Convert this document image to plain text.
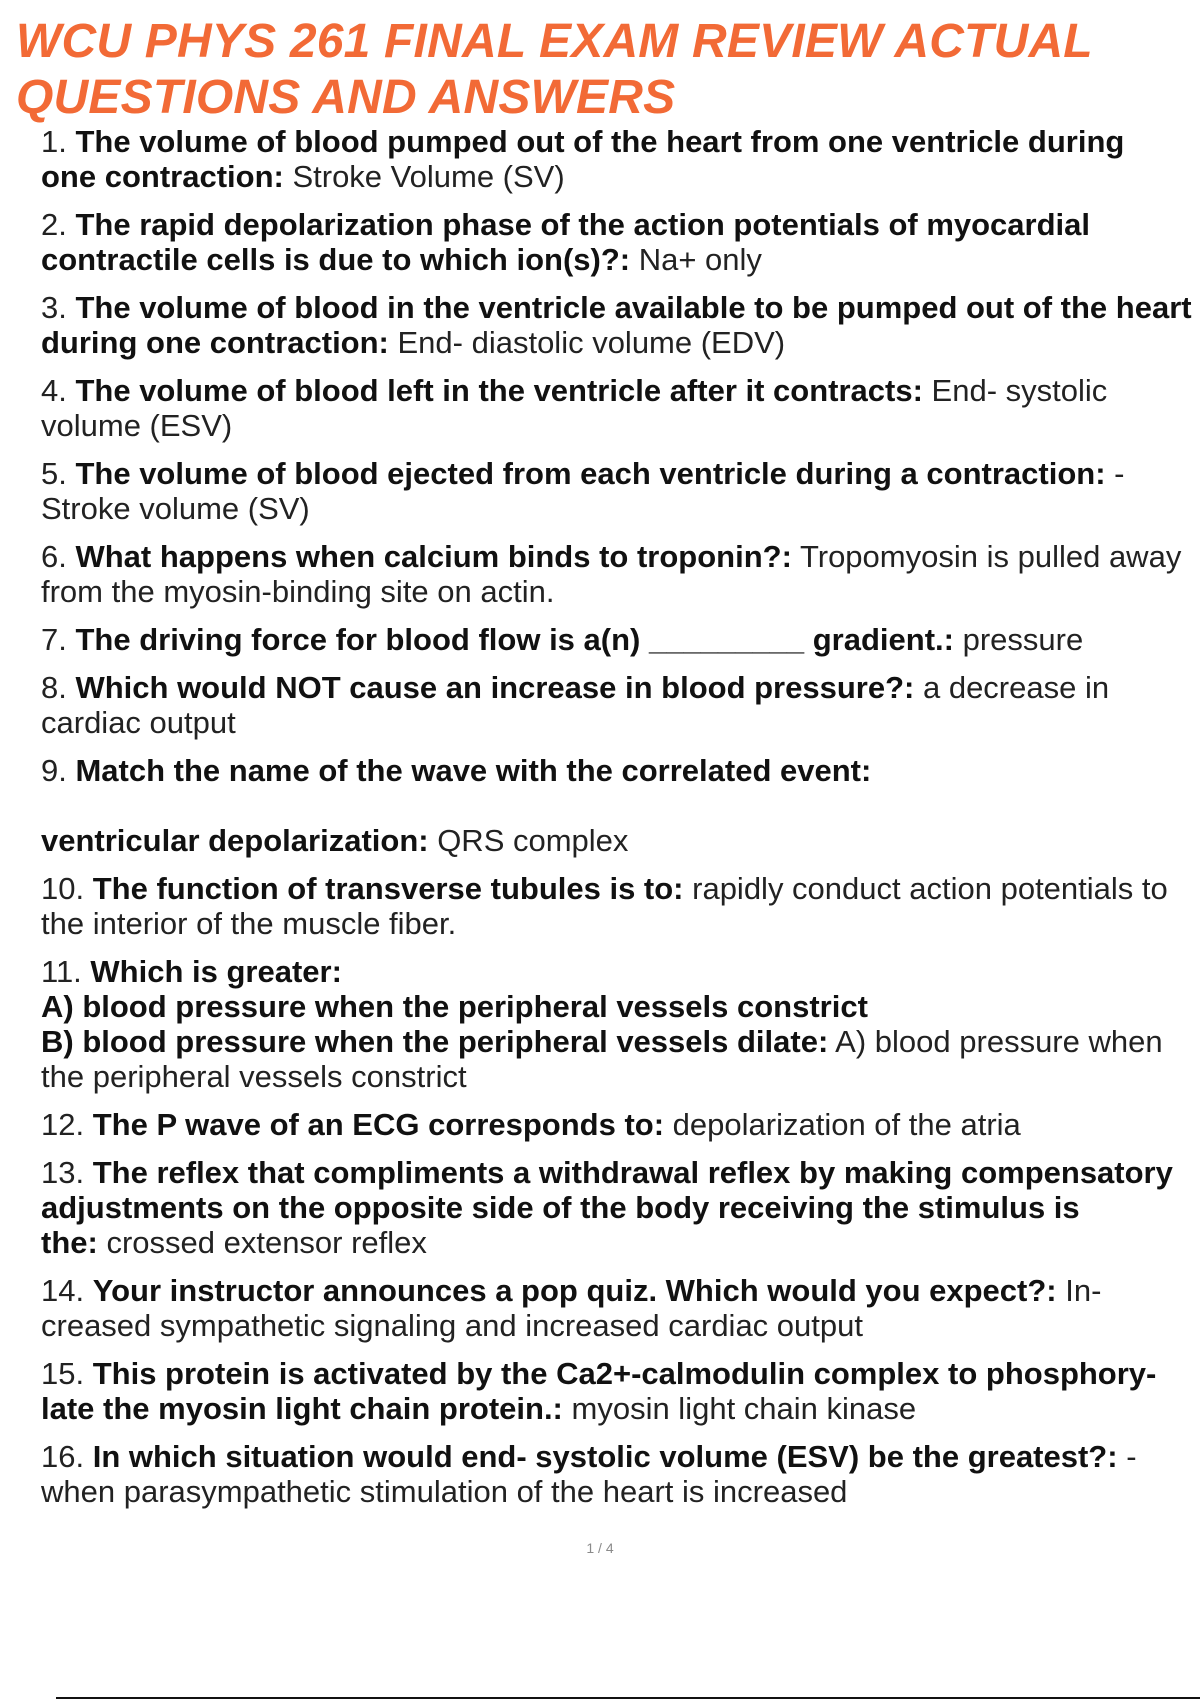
WCU PHYS 261 FINAL EXAM REVIEW ACTUAL
QUESTIONS AND ANSWERS
1. The volume of blood pumped out of the heart from one ventricle during
one contraction: Stroke Volume (SV)
2. The rapid depolarization phase of the action potentials of myocardial
contractile cells is due to which ion(s)?: Na+ only
3. The volume of blood in the ventricle available to be pumped out of the heart
during one contraction: End- diastolic volume (EDV)
4. The volume of blood left in the ventricle after it contracts: End- systolic
volume (ESV)
5. The volume of blood ejected from each ventricle during a contraction: -
Stroke volume (SV)
6. What happens when calcium binds to troponin?: Tropomyosin is pulled away
from the myosin-binding site on actin.
7. The driving force for blood flow is a(n) _________ gradient.: pressure
8. Which would NOT cause an increase in blood pressure?: a decrease in
cardiac output
9. Match the name of the wave with the correlated event:
ventricular depolarization: QRS complex
10. The function of transverse tubules is to: rapidly conduct action potentials to
the interior of the muscle fiber.
11. Which is greater:
A) blood pressure when the peripheral vessels constrict
B) blood pressure when the peripheral vessels dilate: A) blood pressure when
the peripheral vessels constrict
12. The P wave of an ECG corresponds to: depolarization of the atria
13. The reflex that compliments a withdrawal reflex by making compensatory
adjustments on the opposite side of the body receiving the stimulus is
the: crossed extensor reflex
14. Your instructor announces a pop quiz. Which would you expect?: In-
creased sympathetic signaling and increased cardiac output
15. This protein is activated by the Ca2+-calmodulin complex to phosphory-
late the myosin light chain protein.: myosin light chain kinase
16. In which situation would end- systolic volume (ESV) be the greatest?: -
when parasympathetic stimulation of the heart is increased
1 / 4
